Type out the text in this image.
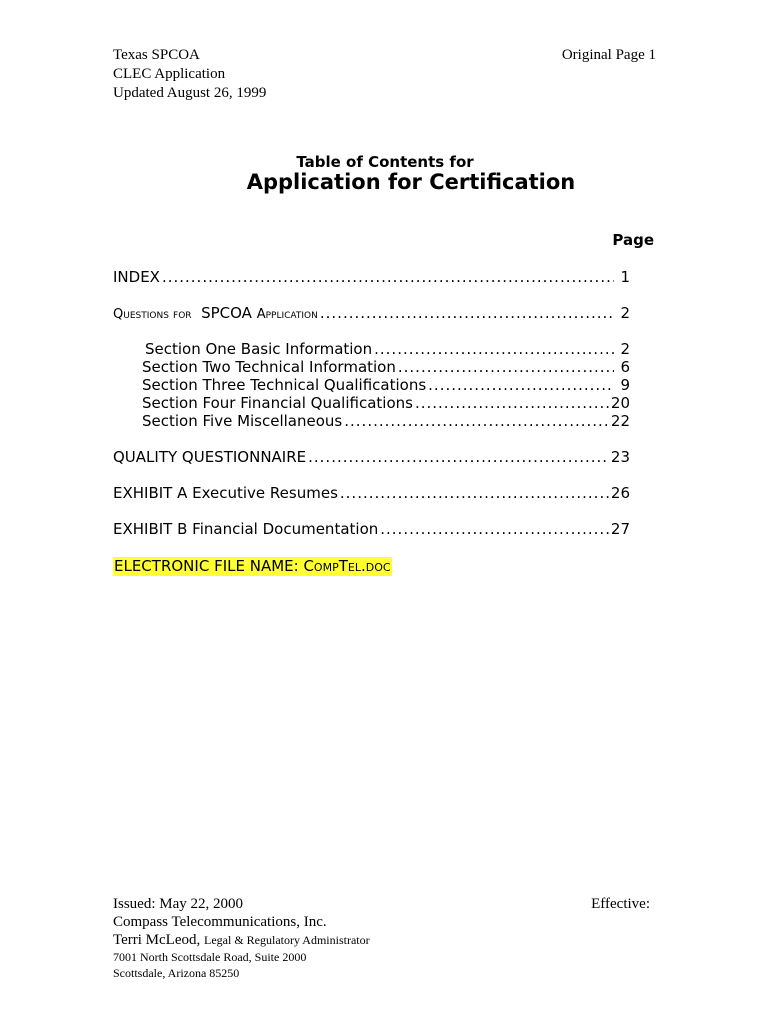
Texas SPCOA
CLEC Application
Updated August 26, 1999
Original Page 1
Table of Contents for
Application for Certification
Page
INDEX .....	1
Questions for SPCOA Application .....	2
Section One Basic Information .....	2
Section Two Technical Information .....	6
Section Three Technical Qualifications .....	9
Section Four Financial Qualifications .....	20
Section Five Miscellaneous .....	22
QUALITY QUESTIONNAIRE .....	23
EXHIBIT A Executive Resumes .....	26
EXHIBIT B Financial Documentation .....	27
ELECTRONIC FILE NAME: CompTel.doc
Issued: May 22, 2000
Compass Telecommunications, Inc.
Terri McLeod, Legal & Regulatory Administrator
7001 North Scottsdale Road, Suite 2000
Scottsdale, Arizona 85250
Effective:
